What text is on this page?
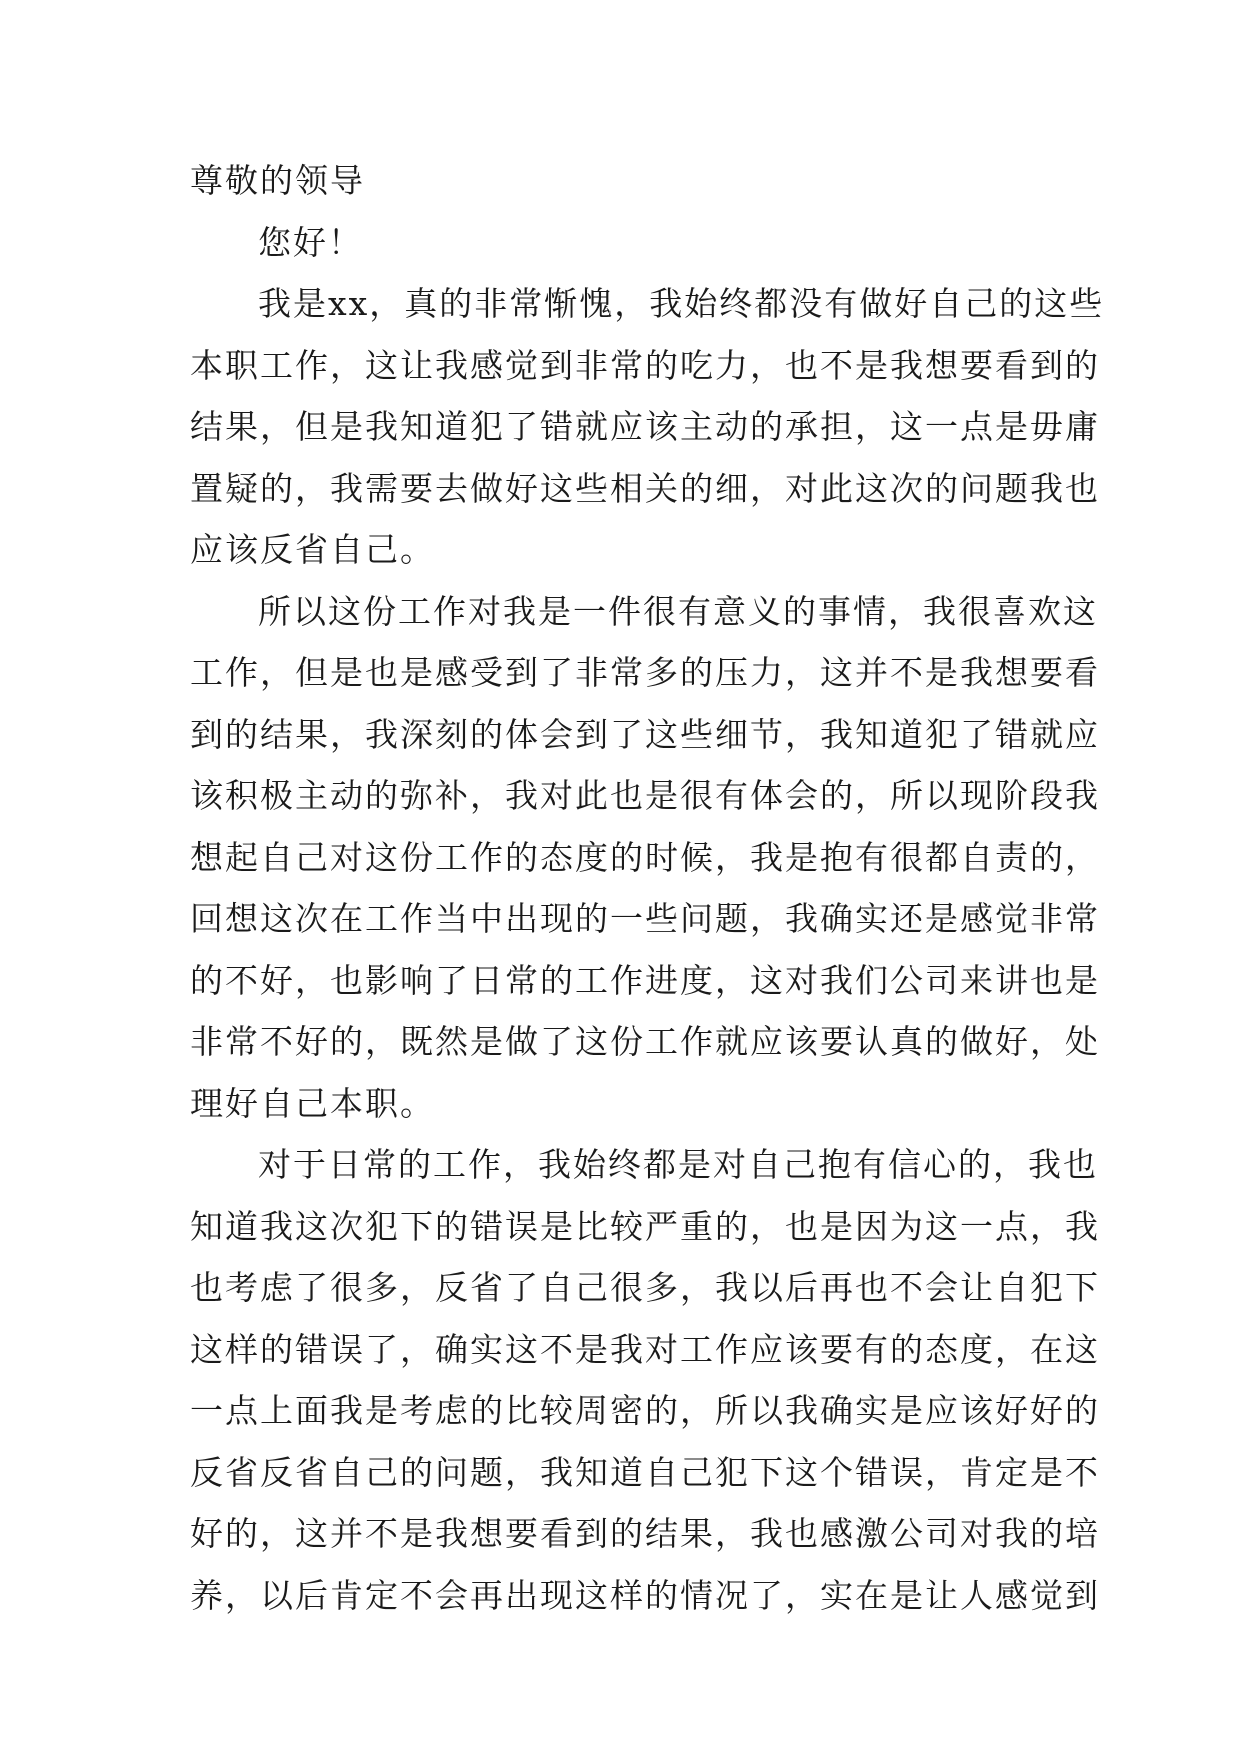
尊敬的领导
您好！
我是xx，真的非常惭愧，我始终都没有做好自己的这些
本职工作，这让我感觉到非常的吃力，也不是我想要看到的
结果，但是我知道犯了错就应该主动的承担，这一点是毋庸
置疑的，我需要去做好这些相关的细，对此这次的问题我也
应该反省自己。
所以这份工作对我是一件很有意义的事情，我很喜欢这
工作，但是也是感受到了非常多的压力，这并不是我想要看
到的结果，我深刻的体会到了这些细节，我知道犯了错就应
该积极主动的弥补，我对此也是很有体会的，所以现阶段我
想起自己对这份工作的态度的时候，我是抱有很都自责的，
回想这次在工作当中出现的一些问题，我确实还是感觉非常
的不好，也影响了日常的工作进度，这对我们公司来讲也是
非常不好的，既然是做了这份工作就应该要认真的做好，处
理好自己本职。
对于日常的工作，我始终都是对自己抱有信心的，我也
知道我这次犯下的错误是比较严重的，也是因为这一点，我
也考虑了很多，反省了自己很多，我以后再也不会让自犯下
这样的错误了，确实这不是我对工作应该要有的态度，在这
一点上面我是考虑的比较周密的，所以我确实是应该好好的
反省反省自己的问题，我知道自己犯下这个错误，肯定是不
好的，这并不是我想要看到的结果，我也感激公司对我的培
养，以后肯定不会再出现这样的情况了，实在是让人感觉到
